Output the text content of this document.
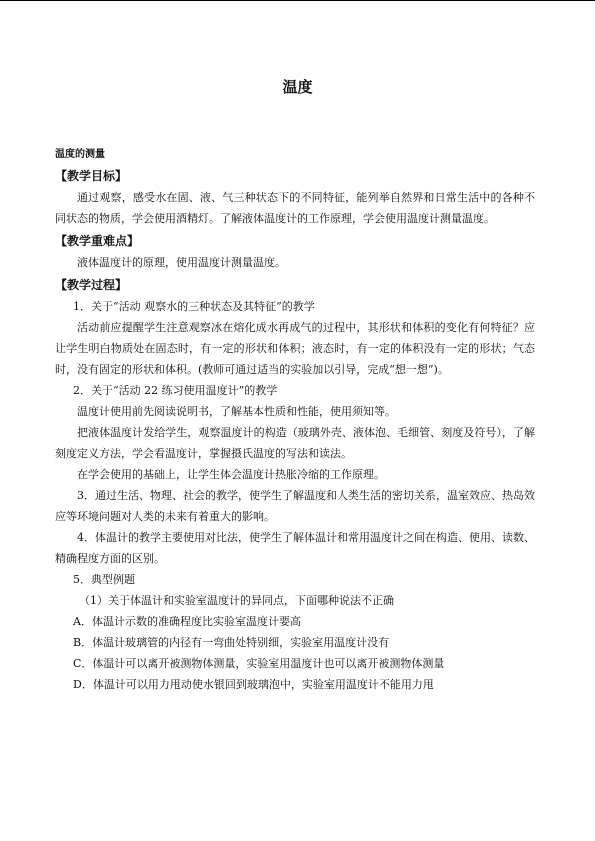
温度
温度的测量
【教学目标】
通过观察，感受水在固、液、气三种状态下的不同特征，能列举自然界和日常生活中的各种不同状态的物质，学会使用酒精灯。了解液体温度计的工作原理，学会使用温度计测量温度。
【教学重难点】
液体温度计的原理，使用温度计测量温度。
【教学过程】
1．关于“活动 观察水的三种状态及其特征”的教学
活动前应提醒学生注意观察冰在熔化成水再成气的过程中，其形状和体积的变化有何特征？应让学生明白物质处在固态时，有一定的形状和体积；液态时，有一定的体积没有一定的形状；气态时，没有固定的形状和体积。(教师可通过适当的实验加以引导，完成“想一想”)。
2．关于“活动 22 练习使用温度计”的教学
温度计使用前先阅读说明书，了解基本性质和性能，使用须知等。
把液体温度计发给学生，观察温度计的构造（玻璃外壳、液体泡、毛细管、刻度及符号），了解刻度定义方法，学会看温度计，掌握摄氏温度的写法和读法。
在学会使用的基础上，让学生体会温度计热胀冷缩的工作原理。
3．通过生活、物理、社会的教学，使学生了解温度和人类生活的密切关系，温室效应、热岛效应等环境问题对人类的未来有着重大的影响。
4．体温计的教学主要使用对比法，使学生了解体温计和常用温度计之间在构造、使用、读数、精确程度方面的区别。
5．典型例题
（1）关于体温计和实验室温度计的异同点，下面哪种说法不正确
A．体温计示数的准确程度比实验室温度计要高
B．体温计玻璃管的内径有一弯曲处特别细，实验室用温度计没有
C．体温计可以离开被测物体测量，实验室用温度计也可以离开被测物体测量
D．体温计可以用力甩动使水银回到玻璃泡中，实验室用温度计不能用力甩
